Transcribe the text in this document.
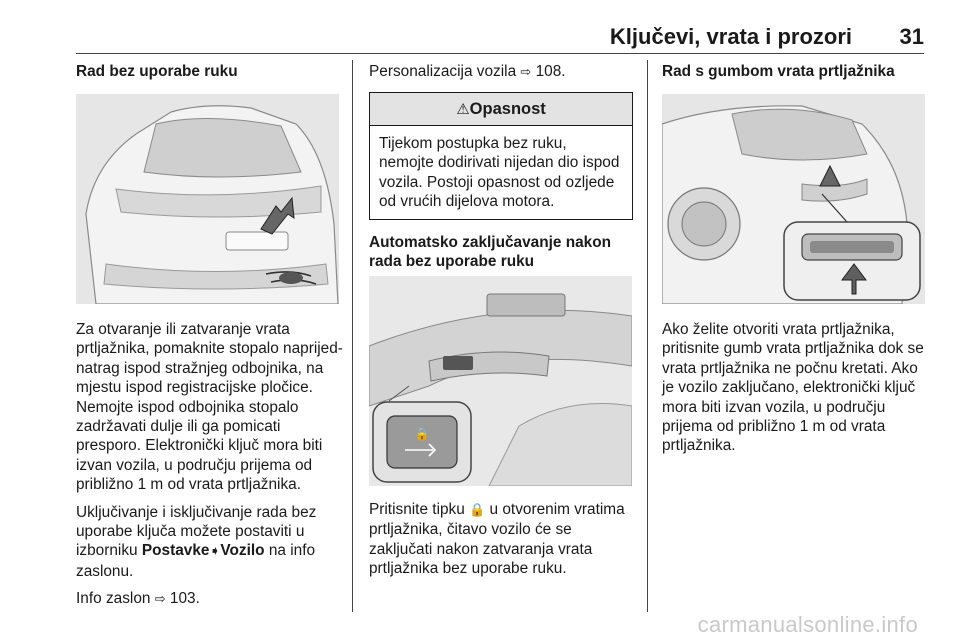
Ključevi, vrata i prozori 31

Rad bez uporabe ruku

Za otvaranje ili zatvaranje vrata prtljažnika, pomaknite stopalo naprijed-natrag ispod stražnjeg odbojnika, na mjestu ispod registracijske pločice. Nemojte ispod odbojnika stopalo zadržavati dulje ili ga pomicati presporo. Elektronički ključ mora biti izvan vozila, u području prijema od približno 1 m od vrata prtljažnika.

Uključivanje i isključivanje rada bez uporabe ključa možete postaviti u izborniku Postavke➧Vozilo na info zaslonu.

Info zaslon ⇨ 103.

Personalizacija vozila ⇨ 108.

⚠Opasnost
Tijekom postupka bez ruku, nemojte dodirivati nijedan dio ispod vozila. Postoji opasnost od ozljede od vrućih dijelova motora.

Automatsko zaključavanje nakon rada bez uporabe ruku

🔒

Pritisnite tipku 🔒 u otvorenim vratima prtljažnika, čitavo vozilo će se zaključati nakon zatvaranja vrata prtljažnika bez uporabe ruku.

Rad s gumbom vrata prtljažnika

Ako želite otvoriti vrata prtljažnika, pritisnite gumb vrata prtljažnika dok se vrata prtljažnika ne počnu kretati. Ako je vozilo zaključano, elektronički ključ mora biti izvan vozila, u području prijema od približno 1 m od vrata prtljažnika.

carmanualsonline.info
